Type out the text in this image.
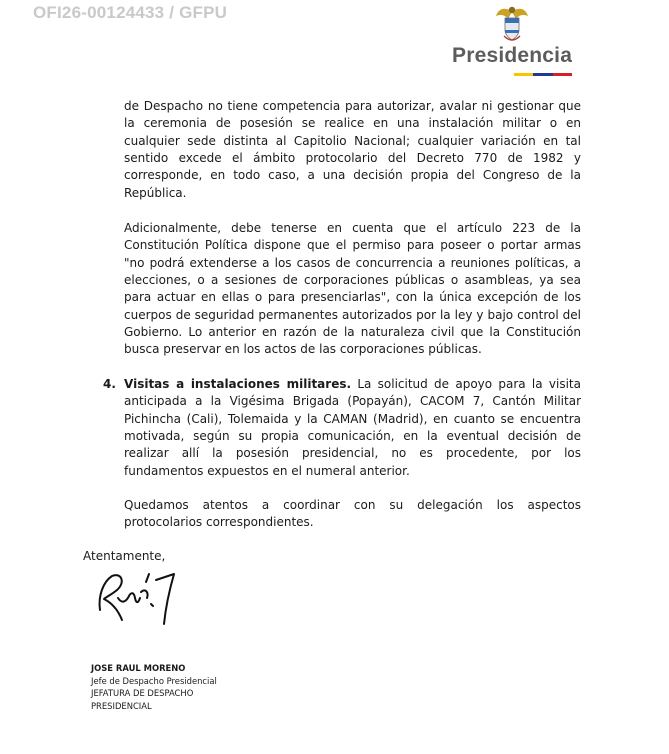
OFI26-00124433 / GFPU
Presidencia

de Despacho no tiene competencia para autorizar, avalar ni gestionar que la ceremonia de posesión se realice en una instalación militar o en cualquier sede distinta al Capitolio Nacional; cualquier variación en tal sentido excede el ámbito protocolario del Decreto 770 de 1982 y corresponde, en todo caso, a una decisión propia del Congreso de la República.

Adicionalmente, debe tenerse en cuenta que el artículo 223 de la Constitución Política dispone que el permiso para poseer o portar armas "no podrá extenderse a los casos de concurrencia a reuniones políticas, a elecciones, o a sesiones de corporaciones públicas o asambleas, ya sea para actuar en ellas o para presenciarlas", con la única excepción de los cuerpos de seguridad permanentes autorizados por la ley y bajo control del Gobierno. Lo anterior en razón de la naturaleza civil que la Constitución busca preservar en los actos de las corporaciones públicas.

4. Visitas a instalaciones militares. La solicitud de apoyo para la visita anticipada a la Vigésima Brigada (Popayán), CACOM 7, Cantón Militar Pichincha (Cali), Tolemaida y la CAMAN (Madrid), en cuanto se encuentra motivada, según su propia comunicación, en la eventual decisión de realizar allí la posesión presidencial, no es procedente, por los fundamentos expuestos en el numeral anterior.

Quedamos atentos a coordinar con su delegación los aspectos protocolarios correspondientes.

Atentamente,
JOSE RAUL MORENO
Jefe de Despacho Presidencial
JEFATURA DE DESPACHO
PRESIDENCIAL
